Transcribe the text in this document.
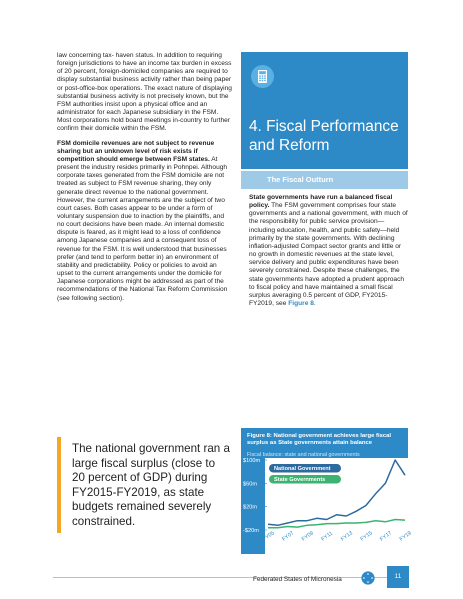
law concerning tax- haven status. In addition to requiring foreign jurisdictions to have an income tax burden in excess of 20 percent, foreign-domiciled companies are required to display substantial business activity rather than being paper or post-office-box operations. The exact nature of displaying substantial business activity is not precisely known, but the FSM authorities insist upon a physical office and an administrator for each Japanese subsidiary in the FSM. Most corporations hold board meetings in-country to further confirm their domicile within the FSM.

FSM domicile revenues are not subject to revenue sharing but an unknown level of risk exists if competition should emerge between FSM states. At present the industry resides primarily in Pohnpei. Although corporate taxes generated from the FSM domicile are not treated as subject to FSM revenue sharing, they only generate direct revenue to the national government. However, the current arrangements are the subject of two court cases. Both cases appear to be under a form of voluntary suspension due to inaction by the plaintiffs, and no court decisions have been made. An internal domestic dispute is feared, as it might lead to a loss of confidence among Japanese companies and a consequent loss of revenue for the FSM. It is well understood that businesses prefer (and tend to perform better in) an environment of stability and predictability. Policy or policies to avoid an upset to the current arrangements under the domicile for Japanese corporations might be addressed as part of the recommendations of the National Tax Reform Commission (see following section).

The national government ran a large fiscal surplus (close to 20 percent of GDP) during FY2015-FY2019, as state budgets remained severely constrained.
4. Fiscal Performance and Reform
The Fiscal Outturn

State governments have run a balanced fiscal policy. The FSM government comprises four state governments and a national government, with much of the responsibility for public service provision—including education, health, and public safety—held primarily by the state governments. With declining inflation-adjusted Compact sector grants and little or no growth in domestic revenues at the state level, service delivery and public expenditures have been severely constrained. Despite these challenges, the state governments have adopted a prudent approach to fiscal policy and have maintained a small fiscal surplus averaging 0.5 percent of GDP, FY2015-FY2019, see Figure 8.

Figure 8: National government achieves large fiscal surplus as State governments attain balance
Fiscal balance: state and national governments
$100m
$60m
$20m
-$20m FY05 FY07 FY09 FY11 FY13 FY15 FY17 FY19
National Government
State Governments
Federated States of Micronesia	11
